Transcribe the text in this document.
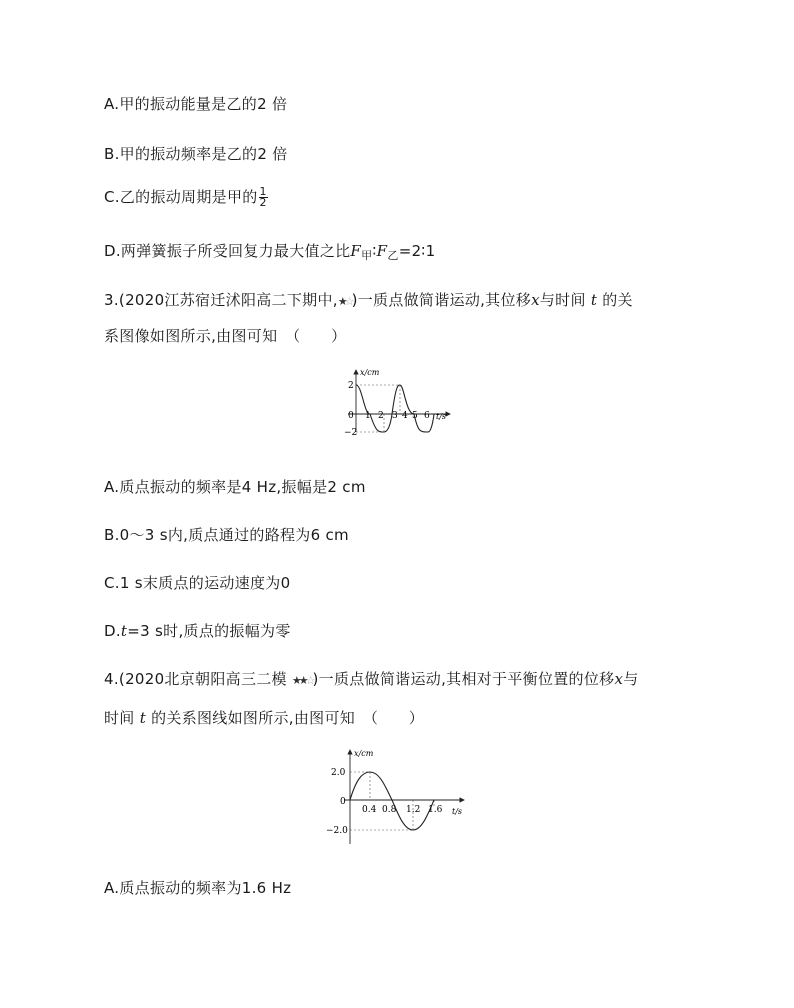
A.甲的振动能量是乙的2 倍
B.甲的振动频率是乙的2 倍
C.乙的振动周期是甲的 $\frac{1}{2}$
D.两弹簧振子所受回复力最大值之比$F_甲∶F_乙=2∶1$
3.(2020江苏宿迁沭阳高二下期中,★☆)一质点做简谐运动,其位移x与时间 t 的关
系图像如图所示,由图可知　（　　）
x/cm
2
−2
0 1 2 3 4 5 6 t/s
A.质点振动的频率是4 Hz,振幅是2 cm
B.0～3 s内,质点通过的路程为6 cm
C.1 s末质点的运动速度为0
D.t=3 s时,质点的振幅为零
4.(2020北京朝阳高三二模 ★★☆)一质点做简谐运动,其相对于平衡位置的位移x与
时间 t 的关系图线如图所示,由图可知　（　　）
x/cm
2.0
0
−2.0
0.4 0.8 1.2 1.6 t/s
A.质点振动的频率为1.6 Hz
